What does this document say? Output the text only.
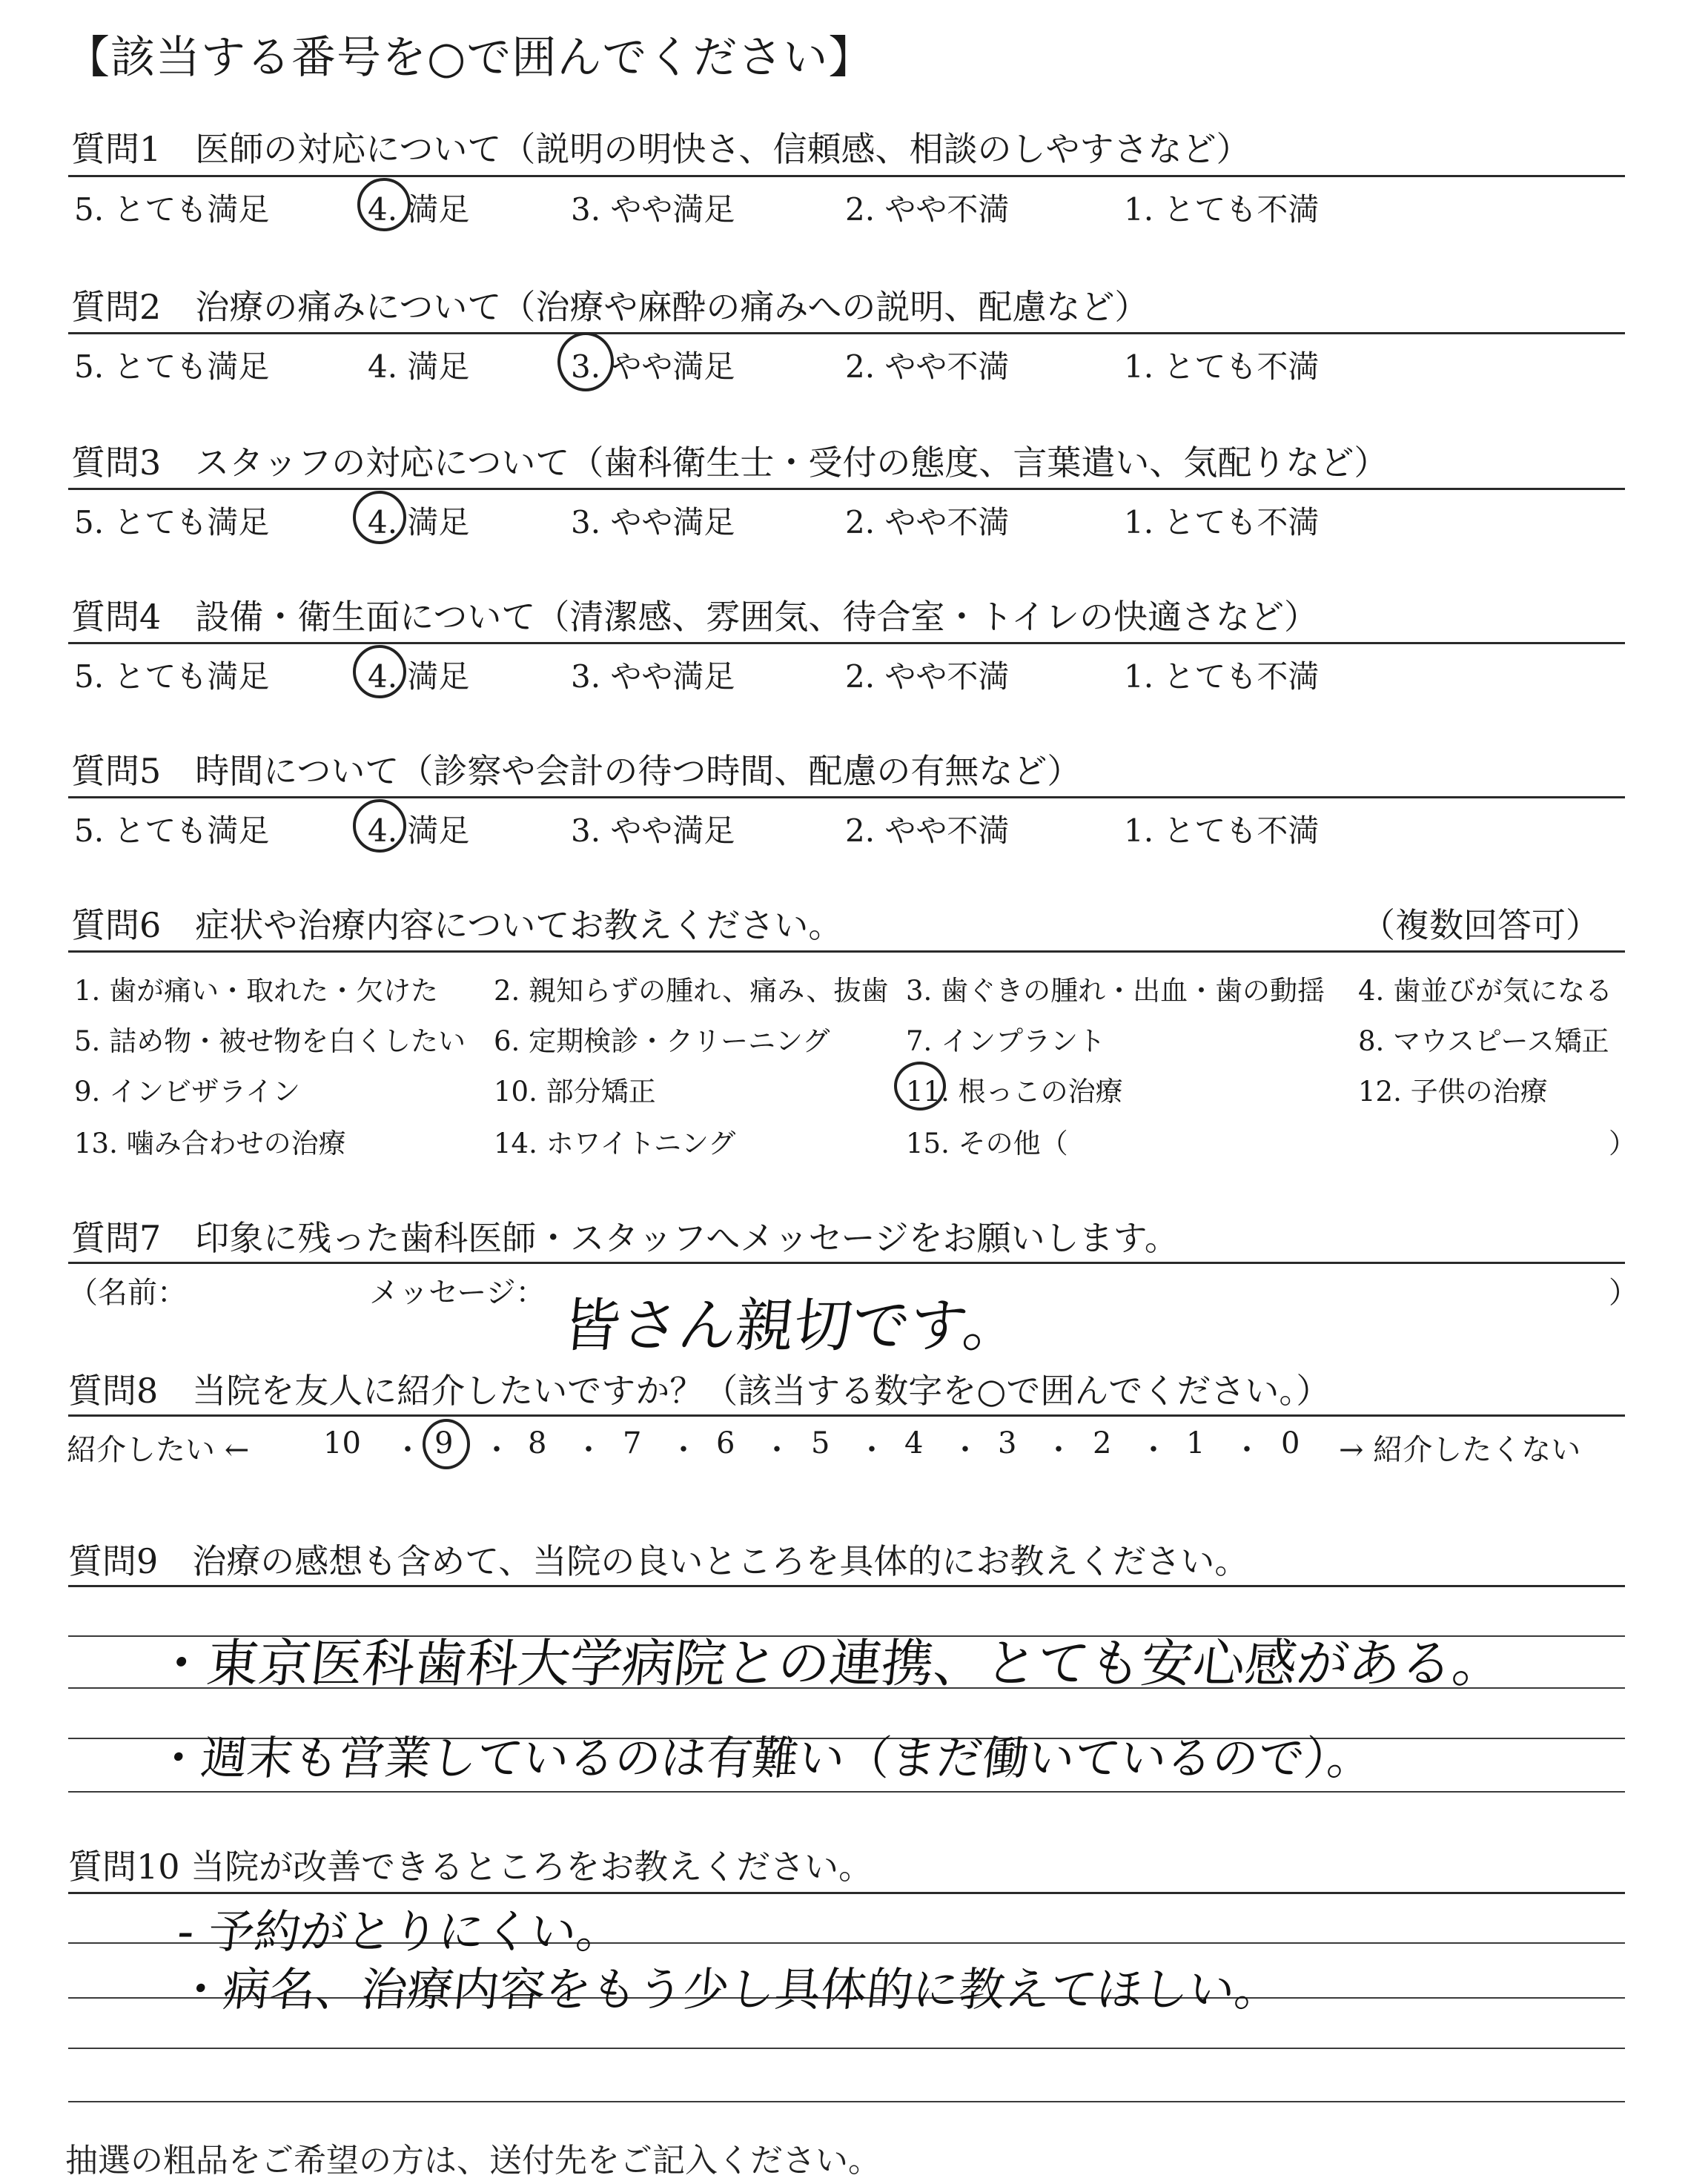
【該当する番号を○で囲んでください】
質問1　医師の対応について（説明の明快さ、信頼感、相談のしやすさなど）
5. とても満足	4. 満足	3. やや満足	2. やや不満	1. とても不満
質問2　治療の痛みについて（治療や麻酔の痛みへの説明、配慮など）
5. とても満足	4. 満足	3. やや満足	2. やや不満	1. とても不満
質問3　スタッフの対応について（歯科衛生士・受付の態度、言葉遣い、気配りなど）
5. とても満足	4. 満足	3. やや満足	2. やや不満	1. とても不満
質問4　設備・衛生面について（清潔感、雰囲気、待合室・トイレの快適さなど）
5. とても満足	4. 満足	3. やや満足	2. やや不満	1. とても不満
質問5　時間について（診察や会計の待つ時間、配慮の有無など）
5. とても満足	4. 満足	3. やや満足	2. やや不満	1. とても不満
質問6　症状や治療内容についてお教えください。	（複数回答可）
1. 歯が痛い・取れた・欠けた 2. 親知らずの腫れ、痛み、抜歯 3. 歯ぐきの腫れ・出血・歯の動揺 4. 歯並びが気になる
5. 詰め物・被せ物を白くしたい 6. 定期検診・クリーニング	7. インプラント	8. マウスピース矯正
9. インビザライン	10. 部分矯正	11. 根っこの治療	12. 子供の治療
13. 噛み合わせの治療	14. ホワイトニング	15. その他（	）
質問7　印象に残った歯科医師・スタッフへメッセージをお願いします。
（名前：	メッセージ：	）
皆さん親切です。
質問8　当院を友人に紹介したいですか？（該当する数字を○で囲んでください。）
紹介したい ← 10 ・ 9 ・ 8 ・ 7 ・ 6 ・ 5 ・ 4 ・ 3 ・ 2 ・ 1 ・ 0 → 紹介したくない
質問9　治療の感想も含めて、当院の良いところを具体的にお教えください。
・東京医科歯科大学病院との連携、とても安心感がある。
・週末も営業しているのは有難い（まだ働いているので）。
質問10 当院が改善できるところをお教えください。
- 予約がとりにくい。
・病名、治療内容をもう少し具体的に教えてほしい。
抽選の粗品をご希望の方は、送付先をご記入ください。
